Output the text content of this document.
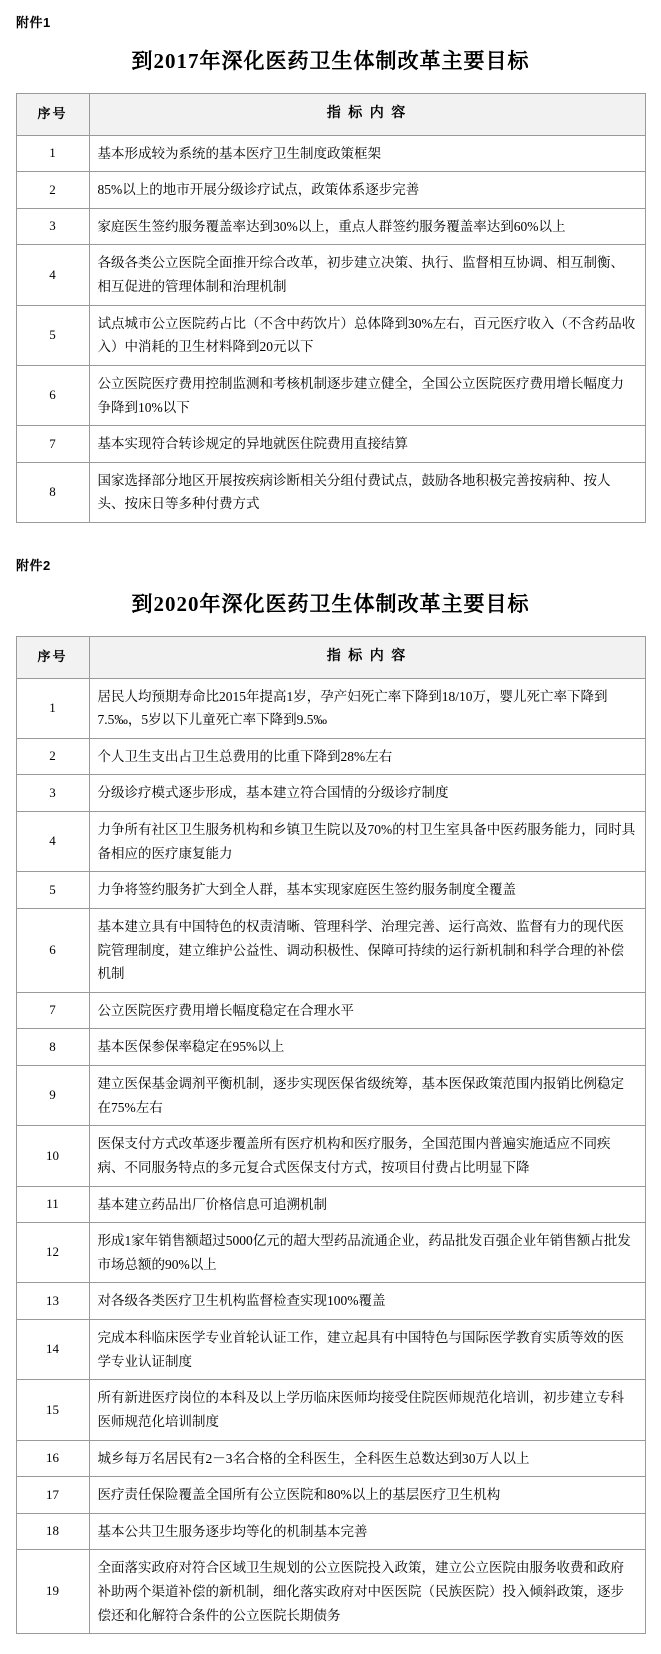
附件1
到2017年深化医药卫生体制改革主要目标
序号	指 标 内 容
1	基本形成较为系统的基本医疗卫生制度政策框架
2	85%以上的地市开展分级诊疗试点，政策体系逐步完善
3	家庭医生签约服务覆盖率达到30%以上，重点人群签约服务覆盖率达到60%以上
4	各级各类公立医院全面推开综合改革，初步建立决策、执行、监督相互协调、相互制衡、相互促进的管理体制和治理机制
5	试点城市公立医院药占比（不含中药饮片）总体降到30%左右，百元医疗收入（不含药品收入）中消耗的卫生材料降到20元以下
6	公立医院医疗费用控制监测和考核机制逐步建立健全，全国公立医院医疗费用增长幅度力争降到10%以下
7	基本实现符合转诊规定的异地就医住院费用直接结算
8	国家选择部分地区开展按疾病诊断相关分组付费试点，鼓励各地积极完善按病种、按人头、按床日等多种付费方式
附件2
到2020年深化医药卫生体制改革主要目标
序号	指 标 内 容
1	居民人均预期寿命比2015年提高1岁，孕产妇死亡率下降到18/10万，婴儿死亡率下降到7.5‰，5岁以下儿童死亡率下降到9.5‰
2	个人卫生支出占卫生总费用的比重下降到28%左右
3	分级诊疗模式逐步形成，基本建立符合国情的分级诊疗制度
4	力争所有社区卫生服务机构和乡镇卫生院以及70%的村卫生室具备中医药服务能力，同时具备相应的医疗康复能力
5	力争将签约服务扩大到全人群，基本实现家庭医生签约服务制度全覆盖
6	基本建立具有中国特色的权责清晰、管理科学、治理完善、运行高效、监督有力的现代医院管理制度，建立维护公益性、调动积极性、保障可持续的运行新机制和科学合理的补偿机制
7	公立医院医疗费用增长幅度稳定在合理水平
8	基本医保参保率稳定在95%以上
9	建立医保基金调剂平衡机制，逐步实现医保省级统筹，基本医保政策范围内报销比例稳定在75%左右
10	医保支付方式改革逐步覆盖所有医疗机构和医疗服务，全国范围内普遍实施适应不同疾病、不同服务特点的多元复合式医保支付方式，按项目付费占比明显下降
11	基本建立药品出厂价格信息可追溯机制
12	形成1家年销售额超过5000亿元的超大型药品流通企业，药品批发百强企业年销售额占批发市场总额的90%以上
13	对各级各类医疗卫生机构监督检查实现100%覆盖
14	完成本科临床医学专业首轮认证工作，建立起具有中国特色与国际医学教育实质等效的医学专业认证制度
15	所有新进医疗岗位的本科及以上学历临床医师均接受住院医师规范化培训，初步建立专科医师规范化培训制度
16	城乡每万名居民有2－3名合格的全科医生，全科医生总数达到30万人以上
17	医疗责任保险覆盖全国所有公立医院和80%以上的基层医疗卫生机构
18	基本公共卫生服务逐步均等化的机制基本完善
19	全面落实政府对符合区域卫生规划的公立医院投入政策，建立公立医院由服务收费和政府补助两个渠道补偿的新机制，细化落实政府对中医医院（民族医院）投入倾斜政策，逐步偿还和化解符合条件的公立医院长期债务
